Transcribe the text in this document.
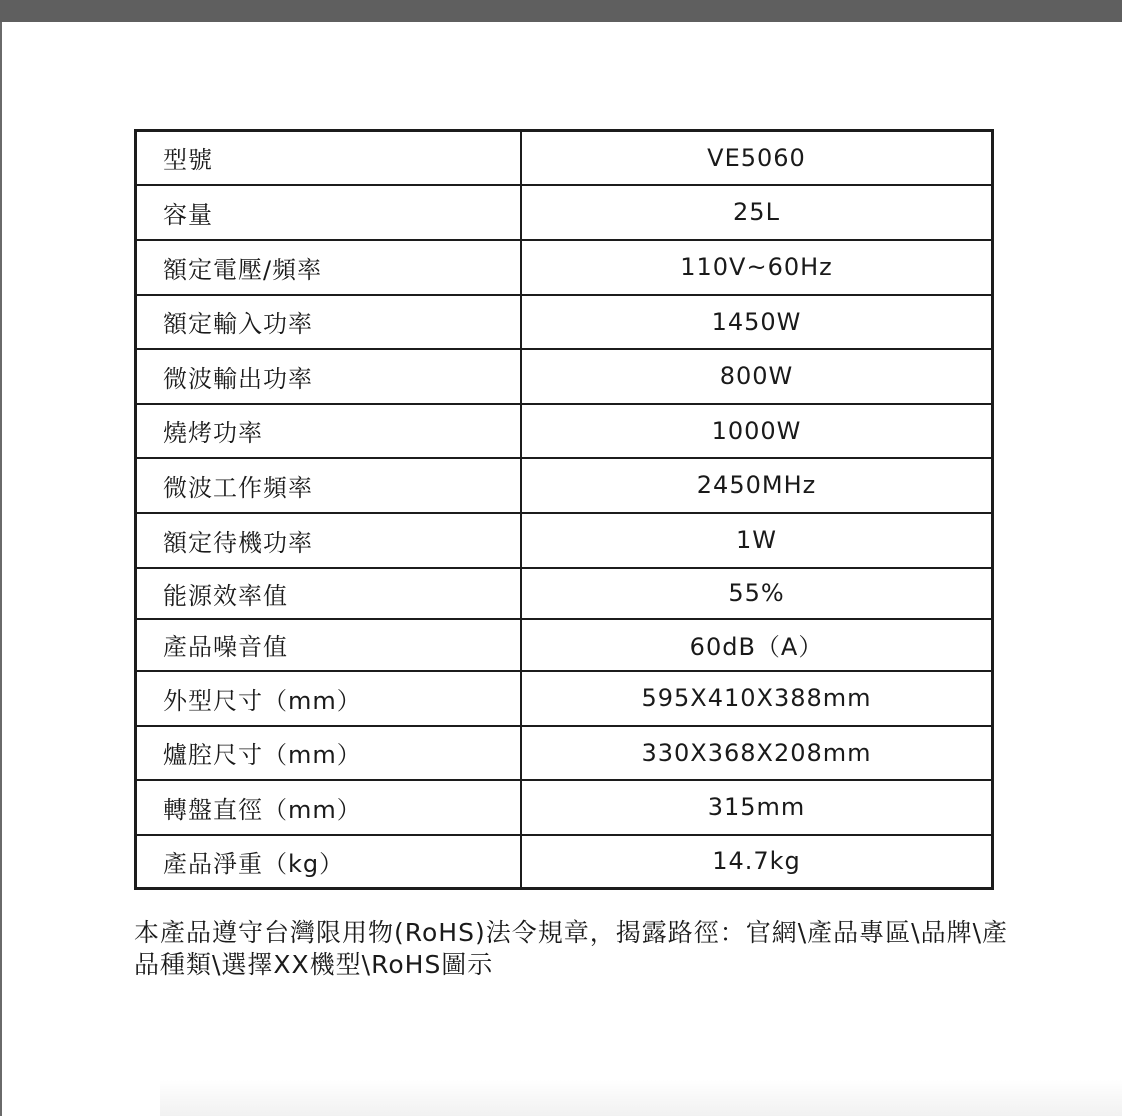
型號	VE5060
容量	25L
額定電壓/頻率	110V~60Hz
額定輸入功率	1450W
微波輸出功率	800W
燒烤功率	1000W
微波工作頻率	2450MHz
額定待機功率	1W
能源效率值	55%
產品噪音值	60dB（A）
外型尺寸（mm）	595X410X388mm
爐腔尺寸（mm）	330X368X208mm
轉盤直徑（mm）	315mm
產品淨重（kg）	14.7kg

本產品遵守台灣限用物(RoHS)法令規章，揭露路徑：官網\產品專區\品牌\產品種類\選擇XX機型\RoHS圖示
